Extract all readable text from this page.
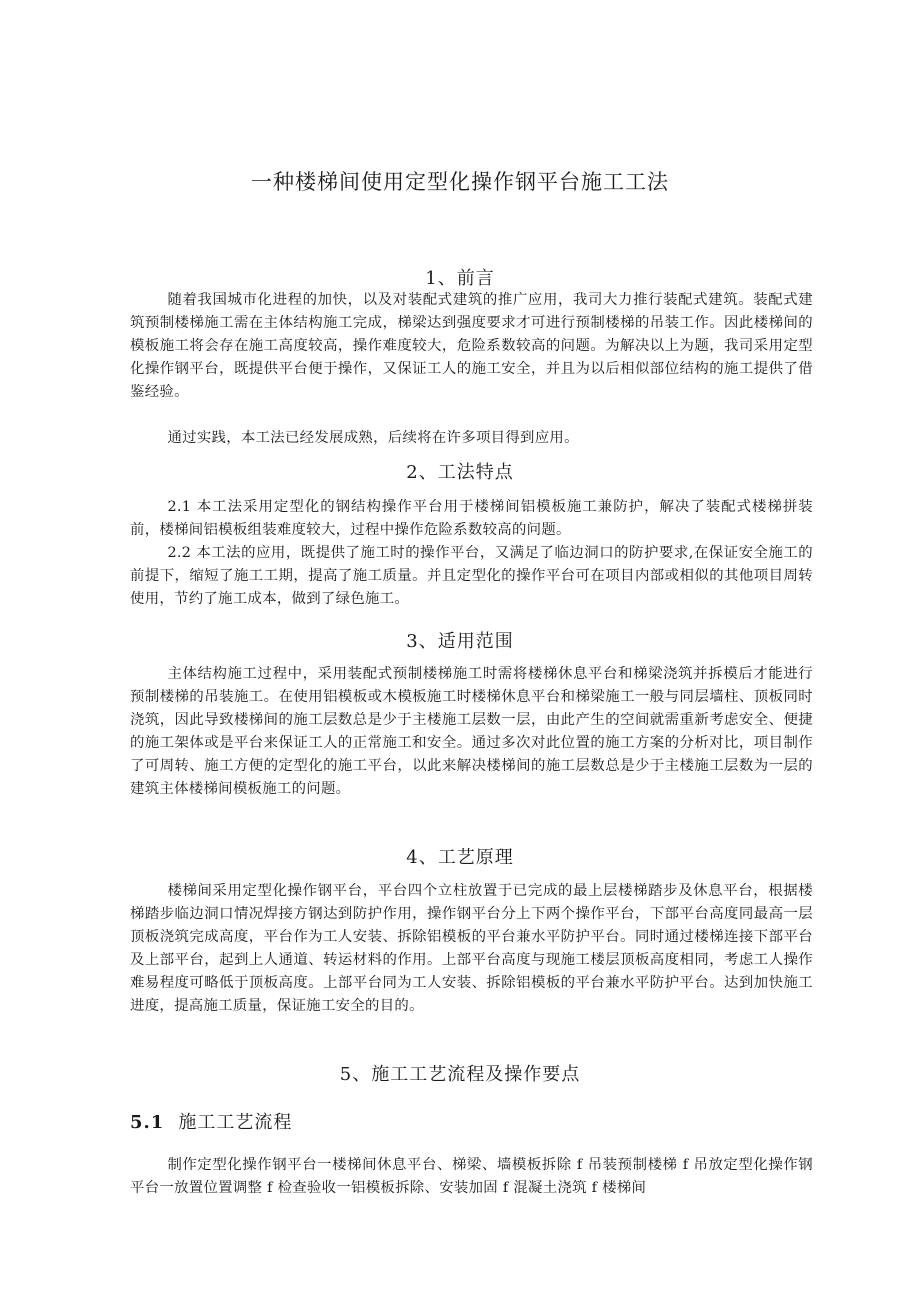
一种楼梯间使用定型化操作钢平台施工工法
1、前言

随着我国城市化进程的加快，以及对装配式建筑的推广应用，我司大力推行装配式建筑。装配式建筑预制楼梯施工需在主体结构施工完成，梯梁达到强度要求才可进行预制楼梯的吊装工作。因此楼梯间的模板施工将会存在施工高度较高，操作难度较大，危险系数较高的问题。为解决以上为题，我司采用定型化操作钢平台，既提供平台便于操作，又保证工人的施工安全，并且为以后相似部位结构的施工提供了借鉴经验。

通过实践，本工法已经发展成熟，后续将在许多项目得到应用。

2、工法特点

2.1 本工法采用定型化的钢结构操作平台用于楼梯间铝模板施工兼防护，解决了装配式楼梯拼装前，楼梯间铝模板组装难度较大，过程中操作危险系数较高的问题。

2.2 本工法的应用，既提供了施工时的操作平台，又满足了临边洞口的防护要求,在保证安全施工的前提下，缩短了施工工期，提高了施工质量。并且定型化的操作平台可在项目内部或相似的其他项目周转使用，节约了施工成本，做到了绿色施工。

3、适用范围

主体结构施工过程中，采用装配式预制楼梯施工时需将楼梯休息平台和梯梁浇筑并拆模后才能进行预制楼梯的吊装施工。在使用铝模板或木模板施工时楼梯休息平台和梯梁施工一般与同层墙柱、顶板同时浇筑，因此导致楼梯间的施工层数总是少于主楼施工层数一层，由此产生的空间就需重新考虑安全、便捷的施工架体或是平台来保证工人的正常施工和安全。通过多次对此位置的施工方案的分析对比，项目制作了可周转、施工方便的定型化的施工平台，以此来解决楼梯间的施工层数总是少于主楼施工层数为一层的建筑主体楼梯间模板施工的问题。

4、工艺原理

楼梯间采用定型化操作钢平台，平台四个立柱放置于已完成的最上层楼梯踏步及休息平台，根据楼梯踏步临边洞口情况焊接方钢达到防护作用，操作钢平台分上下两个操作平台，下部平台高度同最高一层顶板浇筑完成高度，平台作为工人安装、拆除铝模板的平台兼水平防护平台。同时通过楼梯连接下部平台及上部平台，起到上人通道、转运材料的作用。上部平台高度与现施工楼层顶板高度相同，考虑工人操作难易程度可略低于顶板高度。上部平台同为工人安装、拆除铝模板的平台兼水平防护平台。达到加快施工进度，提高施工质量，保证施工安全的目的。

5、施工工艺流程及操作要点
5.1 施工工艺流程

制作定型化操作钢平台一楼梯间休息平台、梯梁、墙模板拆除 f 吊装预制楼梯 f 吊放定型化操作钢平台一放置位置调整 f 检查验收一铝模板拆除、安装加固 f 混凝土浇筑 f 楼梯间
